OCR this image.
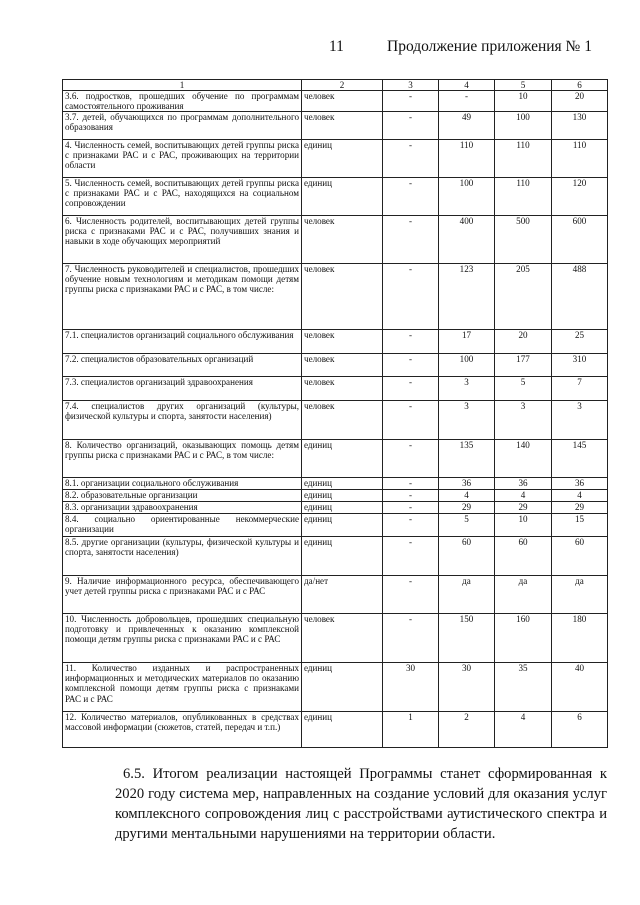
11	Продолжение приложения № 1
1	2	3	4	5	6
3.6. подростков, прошедших обучение по программам самостоятельного проживания	человек	-	-	10	20
3.7. детей, обучающихся по программам дополнительного образования	человек	-	49	100	130
4. Численность семей, воспитывающих детей группы риска с признаками РАС и с РАС, проживающих на территории области	единиц	-	110	110	110
5. Численность семей, воспитывающих детей группы риска с признаками РАС и с РАС, находящихся на социальном сопровождении	единиц	-	100	110	120
6. Численность родителей, воспитывающих детей группы риска с признаками РАС и с РАС, получивших знания и навыки в ходе обучающих мероприятий	человек	-	400	500	600
7. Численность руководителей и специалистов, прошедших обучение новым технологиям и методикам помощи детям группы риска с признаками РАС и с РАС, в том числе:	человек	-	123	205	488
7.1. специалистов организаций социального обслуживания	человек	-	17	20	25
7.2. специалистов образовательных организаций	человек	-	100	177	310
7.3. специалистов организаций здравоохранения	человек	-	3	5	7
7.4. специалистов других организаций (культуры, физической культуры и спорта, занятости населения)	человек	-	3	3	3
8. Количество организаций, оказывающих помощь детям группы риска с признаками РАС и с РАС, в том числе:	единиц	-	135	140	145
8.1. организации социального обслуживания	единиц	-	36	36	36
8.2. образовательные организации	единиц	-	4	4	4
8.3. организации здравоохранения	единиц	-	29	29	29
8.4. социально ориентированные некоммерческие организации	единиц	-	5	10	15
8.5. другие организации (культуры, физической культуры и спорта, занятости населения)	единиц	-	60	60	60
9. Наличие информационного ресурса, обеспечивающего учет детей группы риска с признаками РАС и с РАС	да/нет	-	да	да	да
10. Численность добровольцев, прошедших специальную подготовку и привлеченных к оказанию комплексной помощи детям группы риска с признаками РАС и с РАС	человек	-	150	160	180
11. Количество изданных и распространенных информационных и методических материалов по оказанию комплексной помощи детям группы риска с признаками РАС и с РАС	единиц	30	30	35	40
12. Количество материалов, опубликованных в средствах массовой информации (сюжетов, статей, передач и т.п.)	единиц	1	2	4	6
6.5. Итогом реализации настоящей Программы станет сформированная к 2020 году система мер, направленных на создание условий для оказания услуг комплексного сопровождения лиц с расстройствами аутистического спектра и другими ментальными нарушениями на территории области.
